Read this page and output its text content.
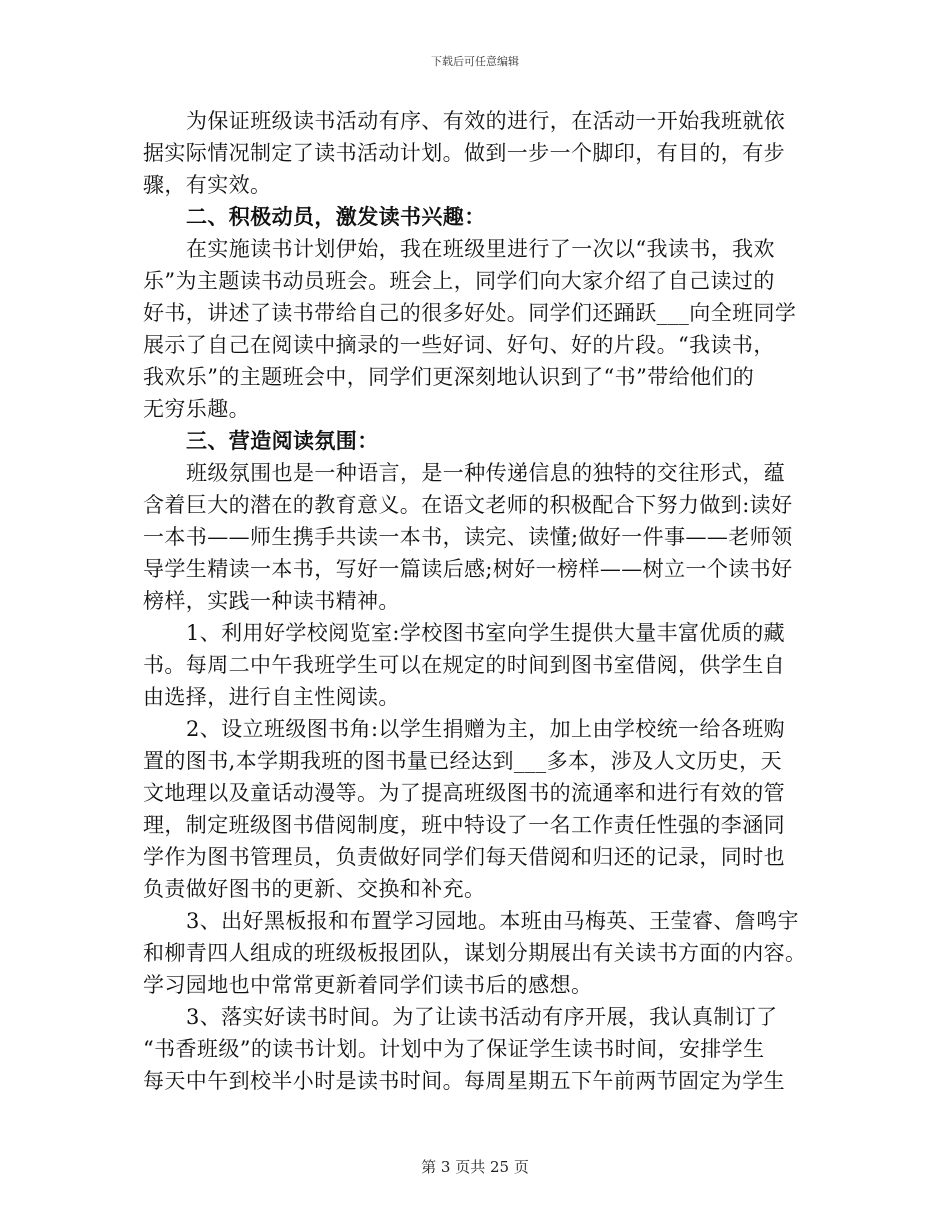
下载后可任意编辑
为保证班级读书活动有序、有效的进行，在活动一开始我班就依
据实际情况制定了读书活动计划。做到一步一个脚印，有目的，有步
骤，有实效。
二、积极动员，激发读书兴趣：
在实施读书计划伊始，我在班级里进行了一次以“我读书，我欢
乐”为主题读书动员班会。班会上，同学们向大家介绍了自己读过的
好书，讲述了读书带给自己的很多好处。同学们还踊跃___向全班同学
展示了自己在阅读中摘录的一些好词、好句、好的片段。“我读书，
我欢乐”的主题班会中，同学们更深刻地认识到了“书”带给他们的
无穷乐趣。
三、营造阅读氛围：
班级氛围也是一种语言，是一种传递信息的独特的交往形式，蕴
含着巨大的潜在的教育意义。在语文老师的积极配合下努力做到:读好
一本书——师生携手共读一本书，读完、读懂;做好一件事——老师领
导学生精读一本书，写好一篇读后感;树好一榜样——树立一个读书好
榜样，实践一种读书精神。
1、利用好学校阅览室:学校图书室向学生提供大量丰富优质的藏
书。每周二中午我班学生可以在规定的时间到图书室借阅，供学生自
由选择，进行自主性阅读。
2、设立班级图书角:以学生捐赠为主，加上由学校统一给各班购
置的图书,本学期我班的图书量已经达到___多本，涉及人文历史，天
文地理以及童话动漫等。为了提高班级图书的流通率和进行有效的管
理，制定班级图书借阅制度，班中特设了一名工作责任性强的李涵同
学作为图书管理员，负责做好同学们每天借阅和归还的记录，同时也
负责做好图书的更新、交换和补充。
3、出好黑板报和布置学习园地。本班由马梅英、王莹睿、詹鸣宇
和柳青四人组成的班级板报团队，谋划分期展出有关读书方面的内容。
学习园地也中常常更新着同学们读书后的感想。
3、落实好读书时间。为了让读书活动有序开展，我认真制订了
“书香班级”的读书计划。计划中为了保证学生读书时间，安排学生
每天中午到校半小时是读书时间。每周星期五下午前两节固定为学生
第 3 页共 25 页
